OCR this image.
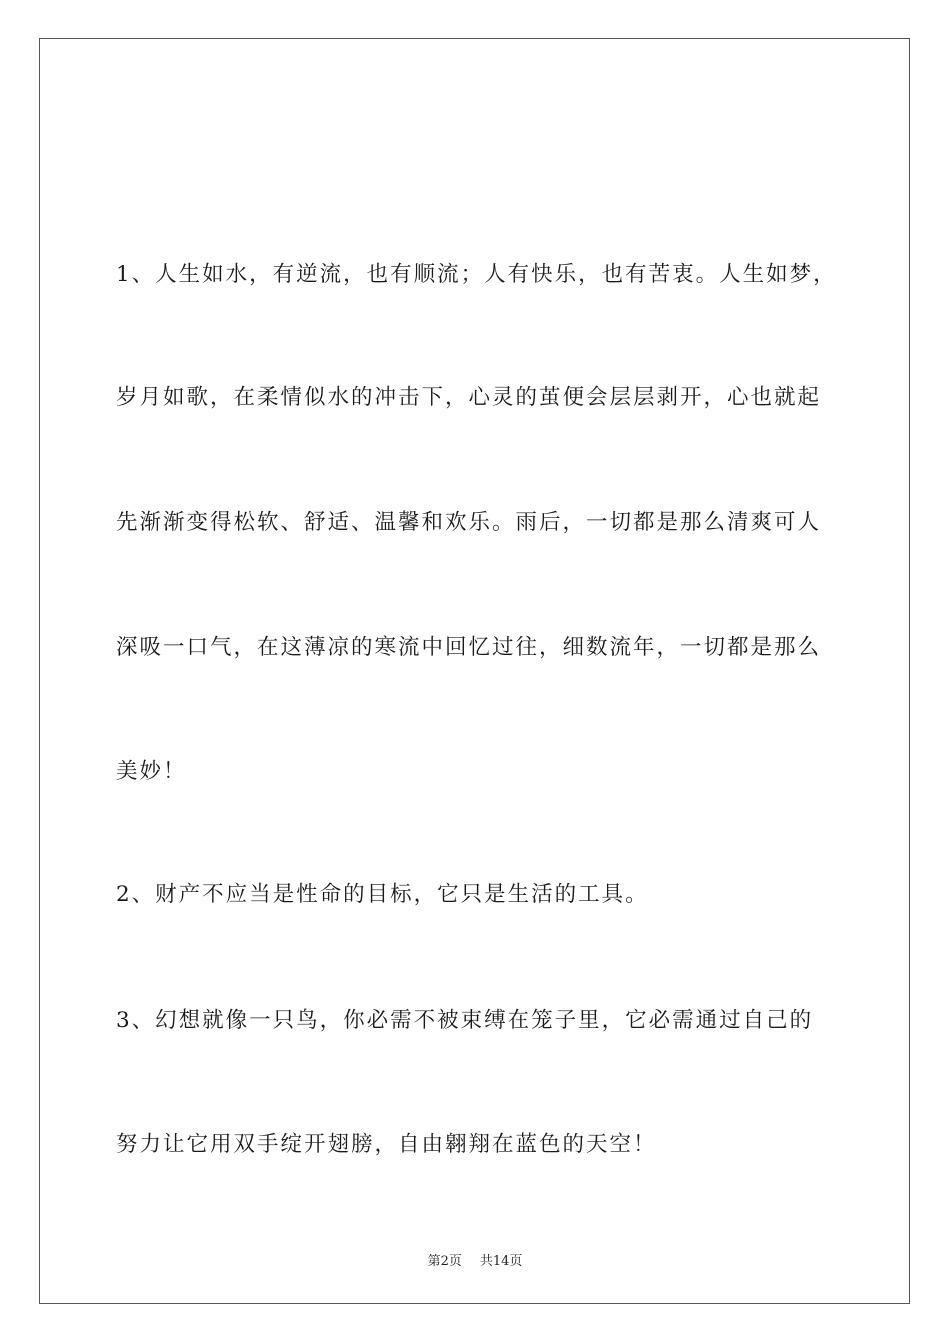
1、人生如水，有逆流，也有顺流；人有快乐，也有苦衷。人生如梦，
岁月如歌，在柔情似水的冲击下，心灵的茧便会层层剥开，心也就起
先渐渐变得松软、舒适、温馨和欢乐。雨后，一切都是那么清爽可人
深吸一口气，在这薄凉的寒流中回忆过往，细数流年，一切都是那么
美妙！
2、财产不应当是性命的目标，它只是生活的工具。
3、幻想就像一只鸟，你必需不被束缚在笼子里，它必需通过自己的
努力让它用双手绽开翅膀，自由翱翔在蓝色的天空！
第2页 共14页
